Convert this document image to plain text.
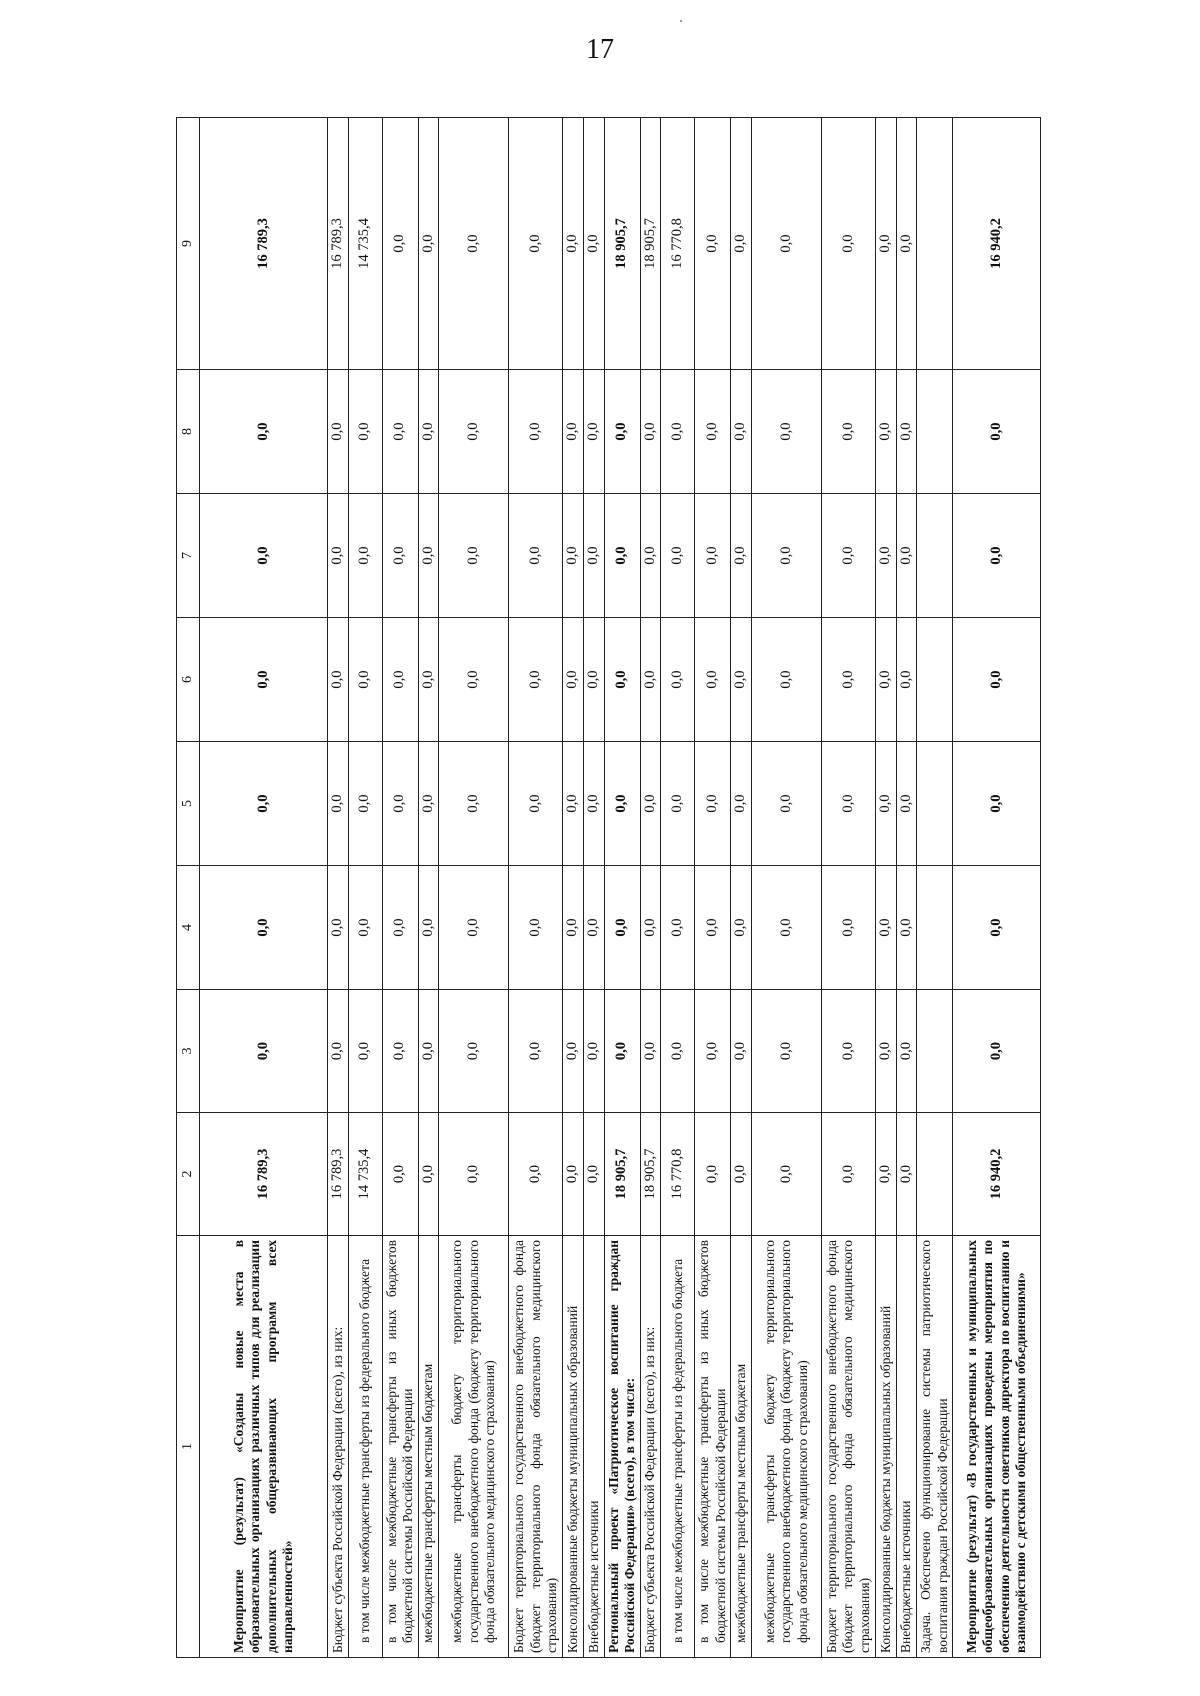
17
1	2	3	4	5	6	7	8	9
Мероприятие (результат) «Созданы новые места в образовательных организациях различных типов для реализации дополнительных общеразвивающих программ всех направленностей»	16 789,3	0,0	0,0	0,0	0,0	0,0	0,0	16 789,3
Бюджет субъекта Российской Федерации (всего), из них:	16 789,3	0,0	0,0	0,0	0,0	0,0	0,0	16 789,3
в том числе межбюджетные трансферты из федерального бюджета	14 735,4	0,0	0,0	0,0	0,0	0,0	0,0	14 735,4
в том числе межбюджетные трансферты из иных бюджетов бюджетной системы Российской Федерации	0,0	0,0	0,0	0,0	0,0	0,0	0,0	0,0
межбюджетные трансферты местным бюджетам	0,0	0,0	0,0	0,0	0,0	0,0	0,0	0,0
межбюджетные трансферты бюджету территориального государственного внебюджетного фонда (бюджету территориального фонда обязательного медицинского страхования)	0,0	0,0	0,0	0,0	0,0	0,0	0,0	0,0
Бюджет территориального государственного внебюджетного фонда (бюджет территориального фонда обязательного медицинского страхования)	0,0	0,0	0,0	0,0	0,0	0,0	0,0	0,0
Консолидированные бюджеты муниципальных образований	0,0	0,0	0,0	0,0	0,0	0,0	0,0	0,0
Внебюджетные источники	0,0	0,0	0,0	0,0	0,0	0,0	0,0	0,0
Региональный проект «Патриотическое воспитание граждан Российской Федерации» (всего), в том числе:	18 905,7	0,0	0,0	0,0	0,0	0,0	0,0	18 905,7
Бюджет субъекта Российской Федерации (всего), из них:	18 905,7	0,0	0,0	0,0	0,0	0,0	0,0	18 905,7
в том числе межбюджетные трансферты из федерального бюджета	16 770,8	0,0	0,0	0,0	0,0	0,0	0,0	16 770,8
в том числе межбюджетные трансферты из иных бюджетов бюджетной системы Российской Федерации	0,0	0,0	0,0	0,0	0,0	0,0	0,0	0,0
межбюджетные трансферты местным бюджетам	0,0	0,0	0,0	0,0	0,0	0,0	0,0	0,0
межбюджетные трансферты бюджету территориального государственного внебюджетного фонда (бюджету территориального фонда обязательного медицинского страхования)	0,0	0,0	0,0	0,0	0,0	0,0	0,0	0,0
Бюджет территориального государственного внебюджетного фонда (бюджет территориального фонда обязательного медицинского страхования)	0,0	0,0	0,0	0,0	0,0	0,0	0,0	0,0
Консолидированные бюджеты муниципальных образований	0,0	0,0	0,0	0,0	0,0	0,0	0,0	0,0
Внебюджетные источники	0,0	0,0	0,0	0,0	0,0	0,0	0,0	0,0
Задача. Обеспечено функционирование системы патриотического воспитания граждан Российской Федерации								
Мероприятие (результат) «В государственных и муниципальных общеобразовательных организациях проведены мероприятия по обеспечению деятельности советников директора по воспитанию и взаимодействию с детскими общественными объединениями»	16 940,2	0,0	0,0	0,0	0,0	0,0	0,0	16 940,2
